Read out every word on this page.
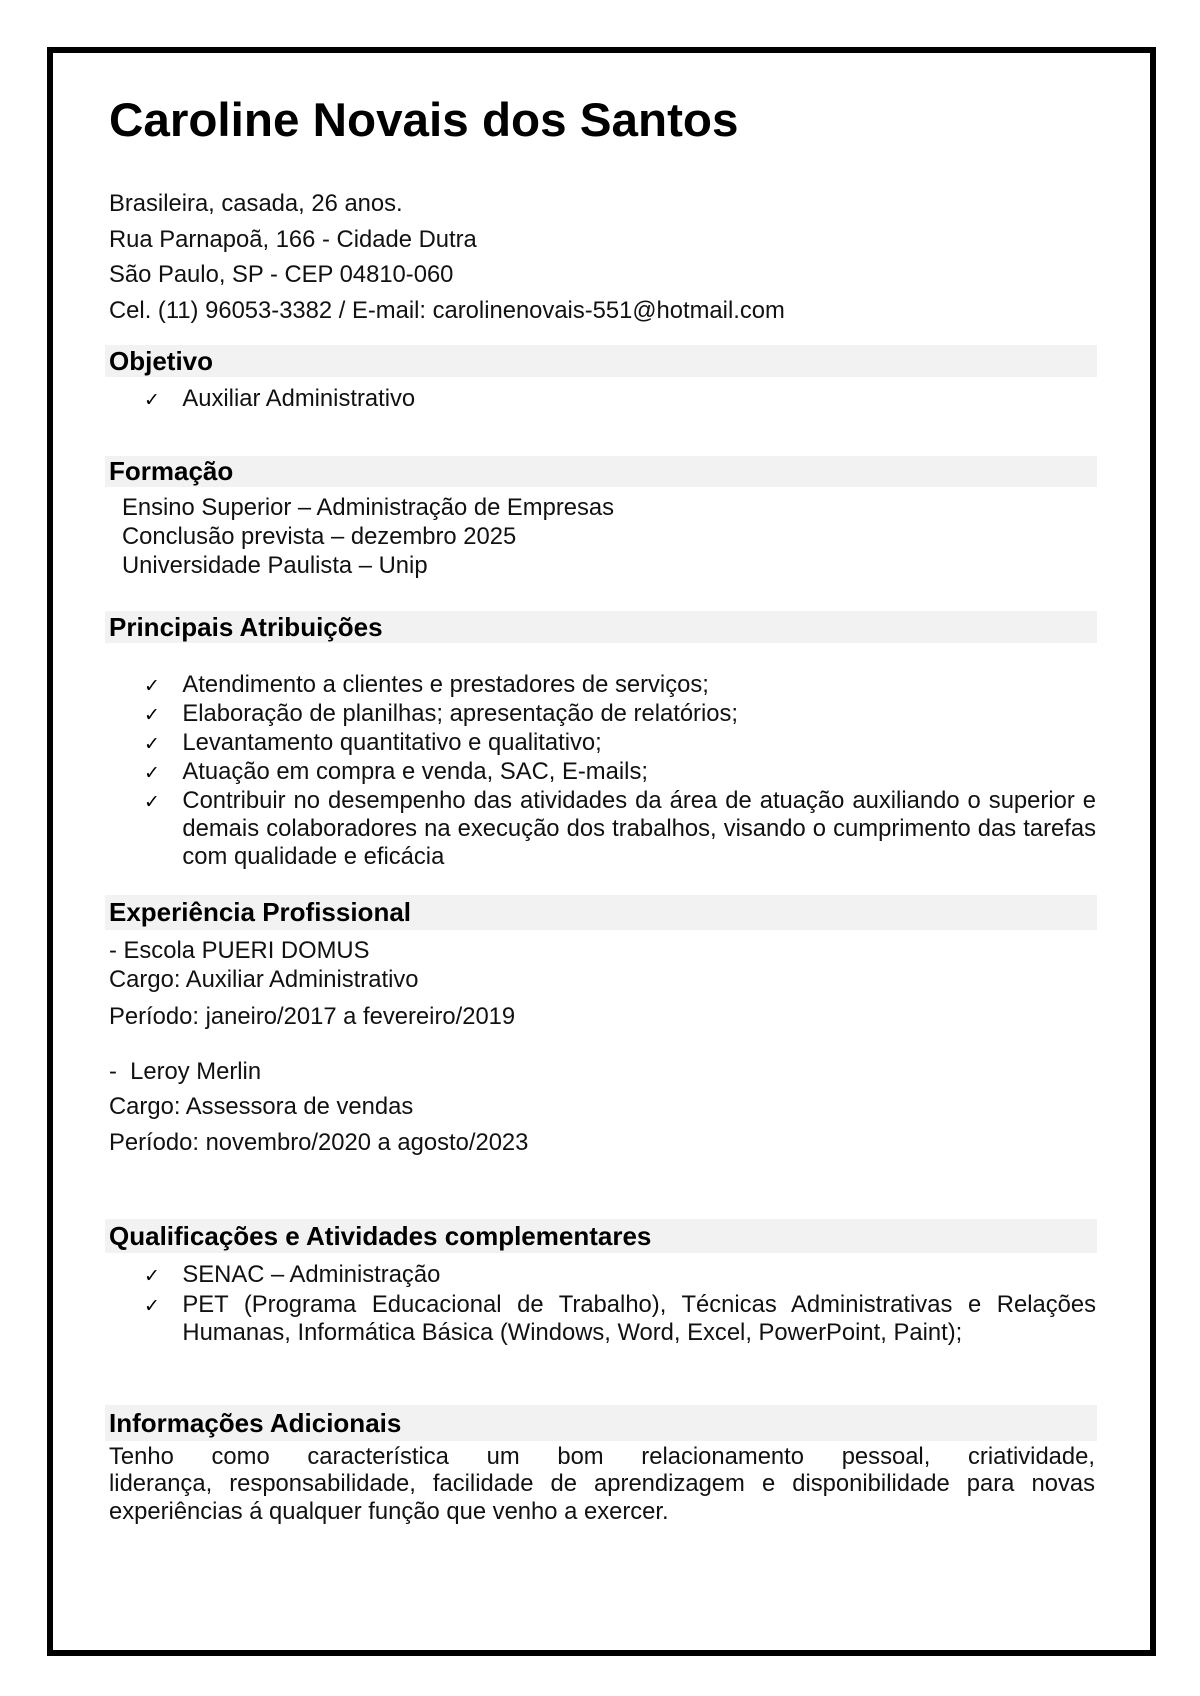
Caroline Novais dos Santos
Brasileira, casada, 26 anos.
Rua Parnapoã, 166 - Cidade Dutra
São Paulo, SP - CEP 04810-060
Cel. (11) 96053-3382 / E-mail: carolinenovais-551@hotmail.com
Objetivo
✓
Auxiliar Administrativo
Formação
Ensino Superior – Administração de Empresas
Conclusão prevista – dezembro 2025
Universidade Paulista – Unip
Principais Atribuições
✓
Atendimento a clientes e prestadores de serviços;
✓
Elaboração de planilhas; apresentação de relatórios;
✓
Levantamento quantitativo e qualitativo;
✓
Atuação em compra e venda, SAC, E-mails;
✓
Contribuir no desempenho das atividades da área de atuação auxiliando o superior e demais colaboradores na execução dos trabalhos, visando o cumprimento das tarefas com qualidade e eficácia
Experiência Profissional
- Escola PUERI DOMUS
Cargo: Auxiliar Administrativo
Período: janeiro/2017 a fevereiro/2019
-  Leroy Merlin
Cargo: Assessora de vendas
Período: novembro/2020 a agosto/2023
Qualificações e Atividades complementares
✓
SENAC – Administração
✓
PET (Programa Educacional de Trabalho), Técnicas Administrativas e Relações Humanas, Informática Básica (Windows, Word, Excel, PowerPoint, Paint);
Informações Adicionais
Tenho como característica um bom relacionamento pessoal, criatividade,
liderança, responsabilidade, facilidade de aprendizagem e disponibilidade para novas experiências á qualquer função que venho a exercer.
